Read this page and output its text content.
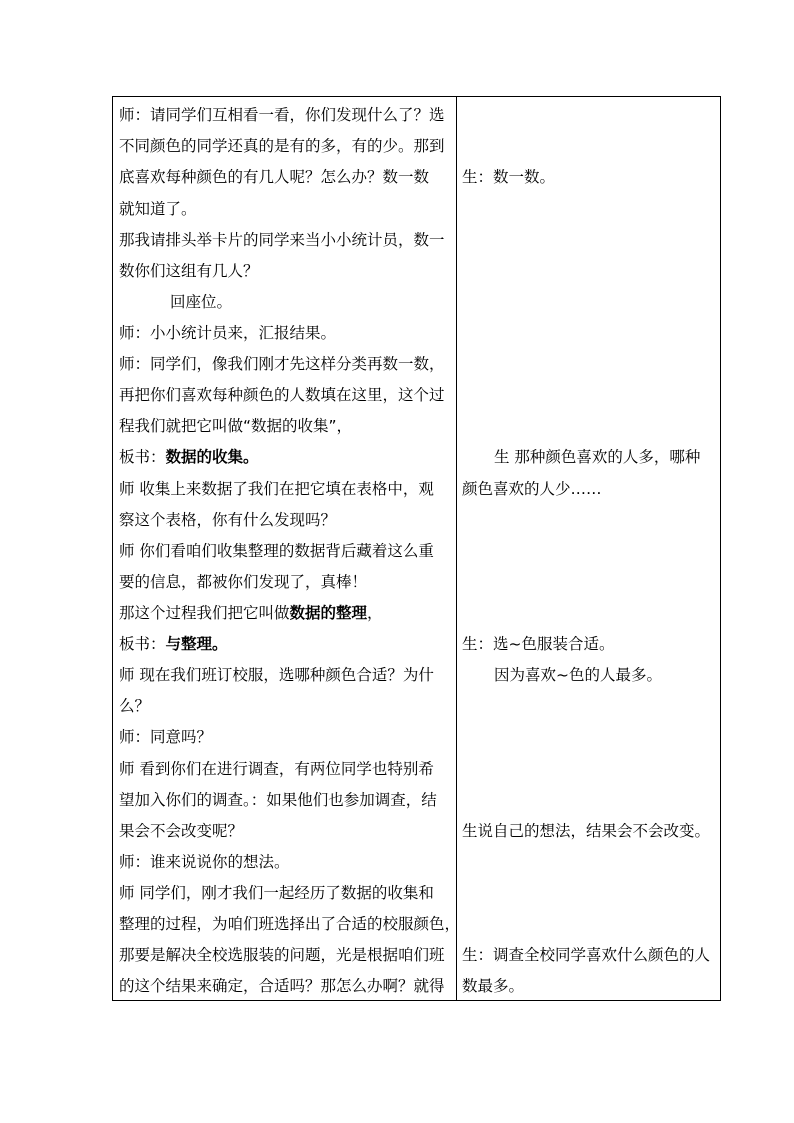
师：请同学们互相看一看，你们发现什么了？选
不同颜色的同学还真的是有的多，有的少。那到
底喜欢每种颜色的有几人呢？怎么办？数一数
就知道了。
那我请排头举卡片的同学来当小小统计员，数一
数你们这组有几人？
回座位。
师：小小统计员来，汇报结果。
师：同学们，像我们刚才先这样分类再数一数，
再把你们喜欢每种颜色的人数填在这里，这个过
程我们就把它叫做“数据的收集”，
板书：数据的收集。
师 收集上来数据了我们在把它填在表格中，观
察这个表格，你有什么发现吗？
师 你们看咱们收集整理的数据背后藏着这么重
要的信息，都被你们发现了，真棒！
那这个过程我们把它叫做数据的整理，
板书：与整理。
师 现在我们班订校服，选哪种颜色合适？为什
么？
师：同意吗？
师 看到你们在进行调查，有两位同学也特别希
望加入你们的调查。：如果他们也参加调查，结
果会不会改变呢？
师：谁来说说你的想法。
师 同学们，刚才我们一起经历了数据的收集和
整理的过程，为咱们班选择出了合适的校服颜色，
那要是解决全校选服装的问题，光是根据咱们班
的这个结果来确定，合适吗？那怎么办啊？就得
生：数一数。
生 那种颜色喜欢的人多，哪种
颜色喜欢的人少……
生：选~色服装合适。
因为喜欢~色的人最多。
生说自己的想法，结果会不会改变。
生：调查全校同学喜欢什么颜色的人
数最多。
